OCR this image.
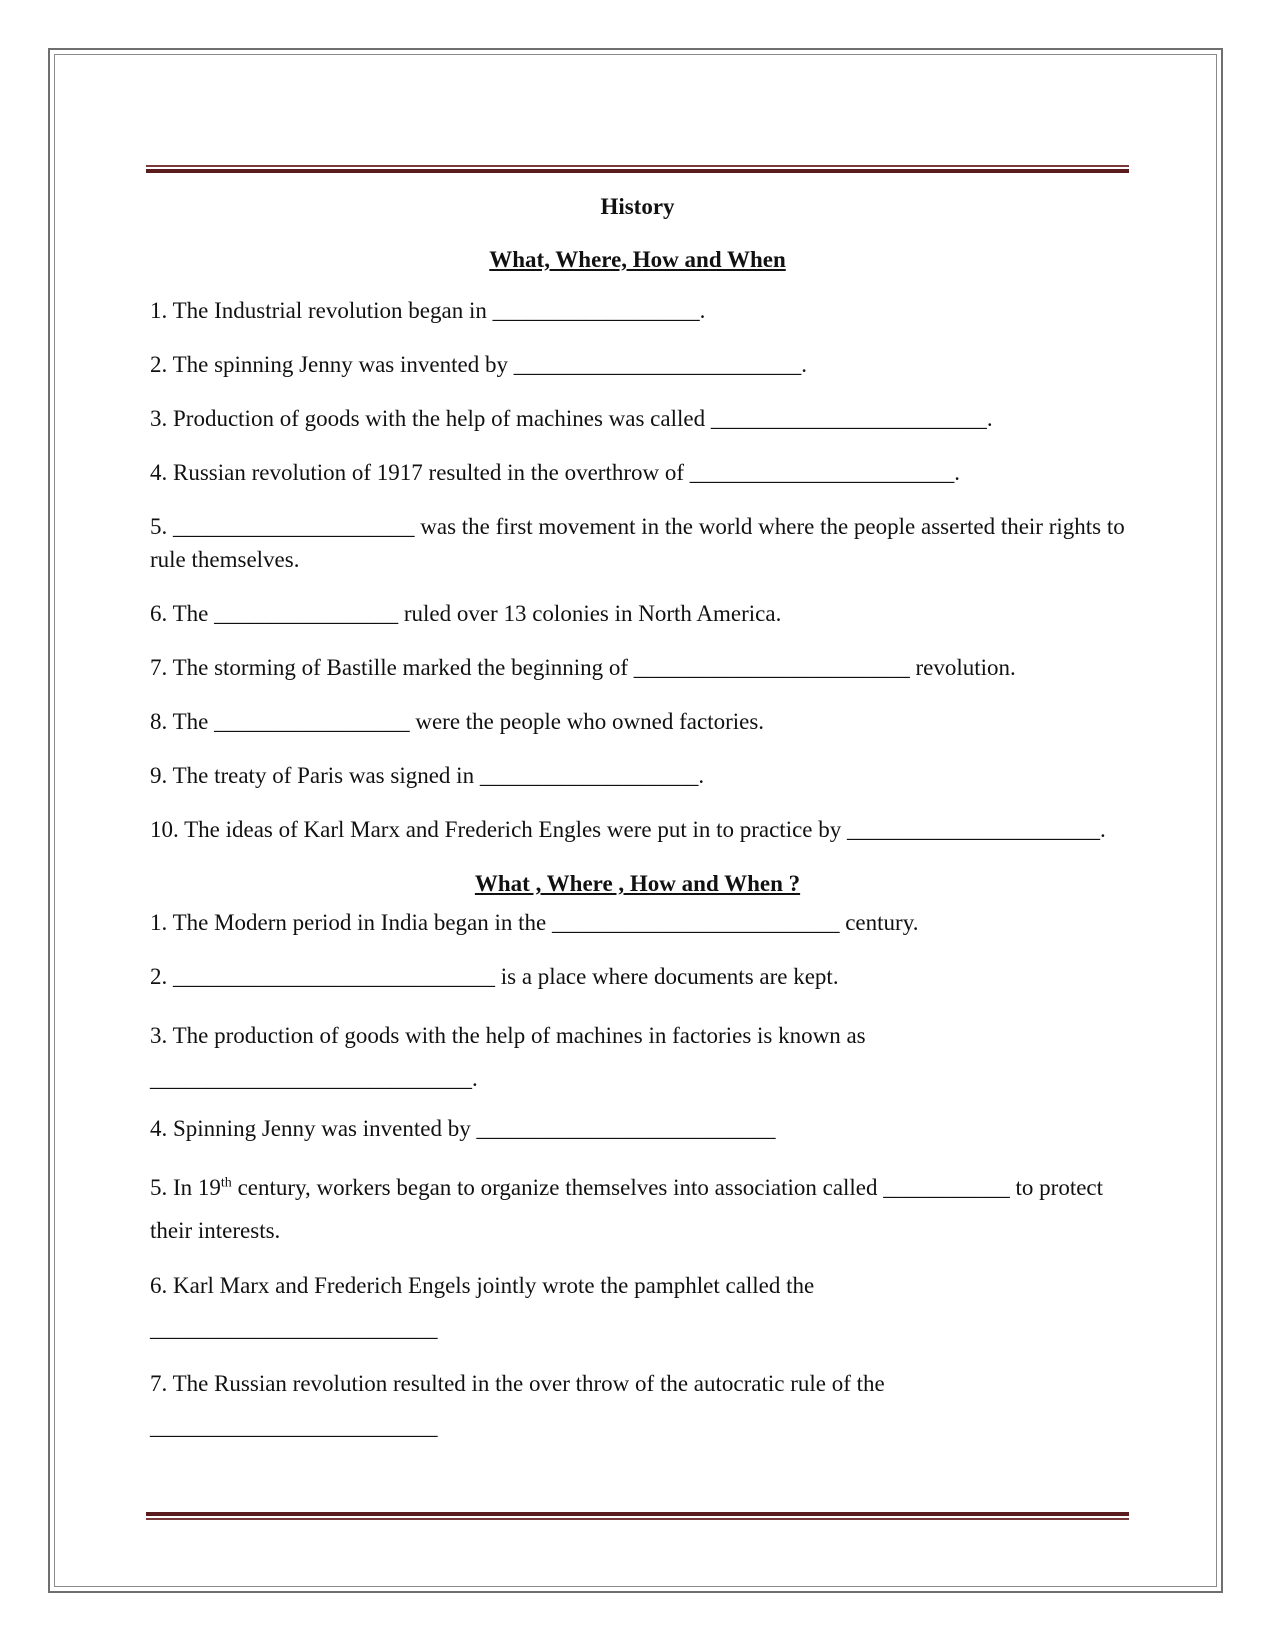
History

What, Where, How and When

1. The Industrial revolution began in __________________.

2. The spinning Jenny was invented by _________________________.

3. Production of goods with the help of machines was called ________________________.

4. Russian revolution of 1917 resulted in the overthrow of _______________________.

5. _____________________ was the first movement in the world where the people asserted their rights to rule themselves.

6. The ________________ ruled over 13 colonies in North America.

7. The storming of Bastille marked the beginning of ________________________ revolution.

8. The _________________ were the people who owned factories.

9. The treaty of Paris was signed in ___________________.

10. The ideas of Karl Marx and Frederich Engles were put in to practice by ______________________.

What , Where , How and When ?

1. The Modern period in India began in the _________________________ century.

2. ____________________________ is a place where documents are kept.

3. The production of goods with the help of machines in factories is known as
____________________________.

4. Spinning Jenny was invented by __________________________

5. In 19th century, workers began to organize themselves into association called ___________ to protect their interests.

6. Karl Marx and Frederich Engels jointly wrote the pamphlet called the
_________________________

7. The Russian revolution resulted in the over throw of the autocratic rule of the
_________________________
